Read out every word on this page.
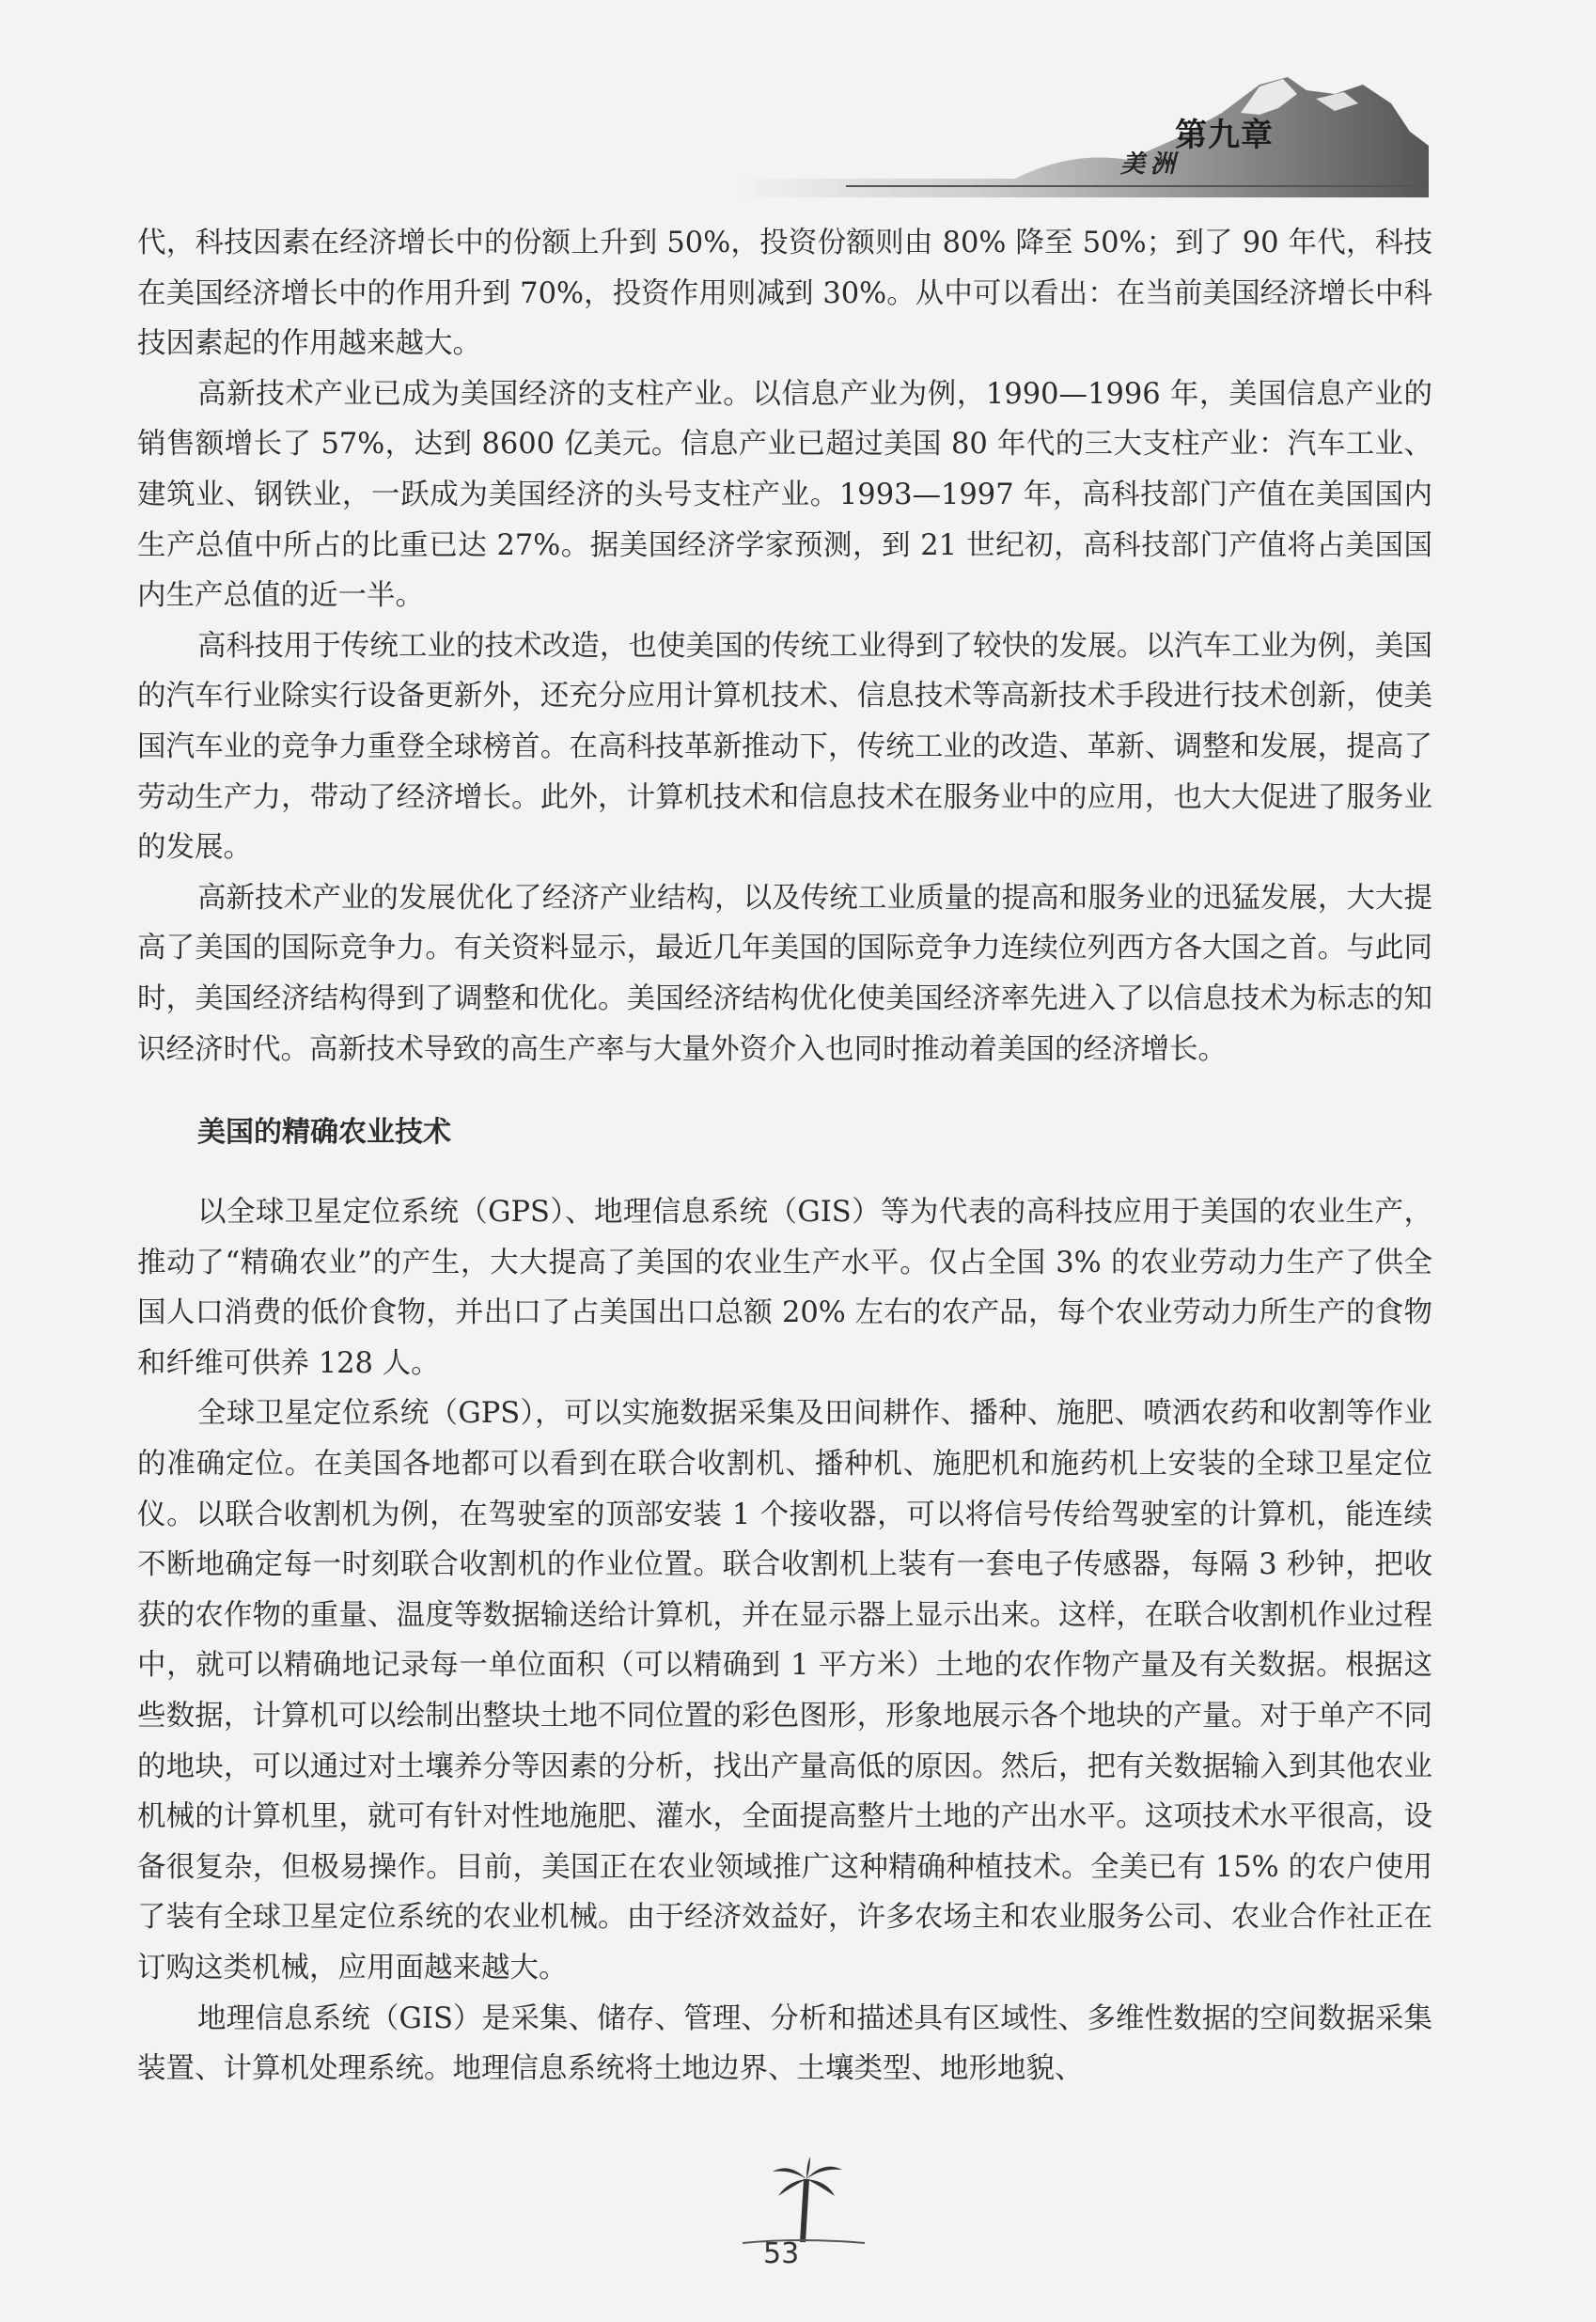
第九章
美洲

代，科技因素在经济增长中的份额上升到 50%，投资份额则由 80% 降至 50%；到了 90 年代，科技在美国经济增长中的作用升到 70%，投资作用则减到 30%。从中可以看出：在当前美国经济增长中科技因素起的作用越来越大。

高新技术产业已成为美国经济的支柱产业。以信息产业为例，1990—1996 年，美国信息产业的销售额增长了 57%，达到 8600 亿美元。信息产业已超过美国 80 年代的三大支柱产业：汽车工业、建筑业、钢铁业，一跃成为美国经济的头号支柱产业。1993—1997 年，高科技部门产值在美国国内生产总值中所占的比重已达 27%。据美国经济学家预测，到 21 世纪初，高科技部门产值将占美国国内生产总值的近一半。

高科技用于传统工业的技术改造，也使美国的传统工业得到了较快的发展。以汽车工业为例，美国的汽车行业除实行设备更新外，还充分应用计算机技术、信息技术等高新技术手段进行技术创新，使美国汽车业的竞争力重登全球榜首。在高科技革新推动下，传统工业的改造、革新、调整和发展，提高了劳动生产力，带动了经济增长。此外，计算机技术和信息技术在服务业中的应用，也大大促进了服务业的发展。

高新技术产业的发展优化了经济产业结构，以及传统工业质量的提高和服务业的迅猛发展，大大提高了美国的国际竞争力。有关资料显示，最近几年美国的国际竞争力连续位列西方各大国之首。与此同时，美国经济结构得到了调整和优化。美国经济结构优化使美国经济率先进入了以信息技术为标志的知识经济时代。高新技术导致的高生产率与大量外资介入也同时推动着美国的经济增长。

美国的精确农业技术

以全球卫星定位系统（GPS）、地理信息系统（GIS）等为代表的高科技应用于美国的农业生产，推动了“精确农业”的产生，大大提高了美国的农业生产水平。仅占全国 3% 的农业劳动力生产了供全国人口消费的低价食物，并出口了占美国出口总额 20% 左右的农产品，每个农业劳动力所生产的食物和纤维可供养 128 人。

全球卫星定位系统（GPS），可以实施数据采集及田间耕作、播种、施肥、喷洒农药和收割等作业的准确定位。在美国各地都可以看到在联合收割机、播种机、施肥机和施药机上安装的全球卫星定位仪。以联合收割机为例，在驾驶室的顶部安装 1 个接收器，可以将信号传给驾驶室的计算机，能连续不断地确定每一时刻联合收割机的作业位置。联合收割机上装有一套电子传感器，每隔 3 秒钟，把收获的农作物的重量、温度等数据输送给计算机，并在显示器上显示出来。这样，在联合收割机作业过程中，就可以精确地记录每一单位面积（可以精确到 1 平方米）土地的农作物产量及有关数据。根据这些数据，计算机可以绘制出整块土地不同位置的彩色图形，形象地展示各个地块的产量。对于单产不同的地块，可以通过对土壤养分等因素的分析，找出产量高低的原因。然后，把有关数据输入到其他农业机械的计算机里，就可有针对性地施肥、灌水，全面提高整片土地的产出水平。这项技术水平很高，设备很复杂，但极易操作。目前，美国正在农业领域推广这种精确种植技术。全美已有 15% 的农户使用了装有全球卫星定位系统的农业机械。由于经济效益好，许多农场主和农业服务公司、农业合作社正在订购这类机械，应用面越来越大。

地理信息系统（GIS）是采集、储存、管理、分析和描述具有区域性、多维性数据的空间数据采集装置、计算机处理系统。地理信息系统将土地边界、土壤类型、地形地貌、

53
